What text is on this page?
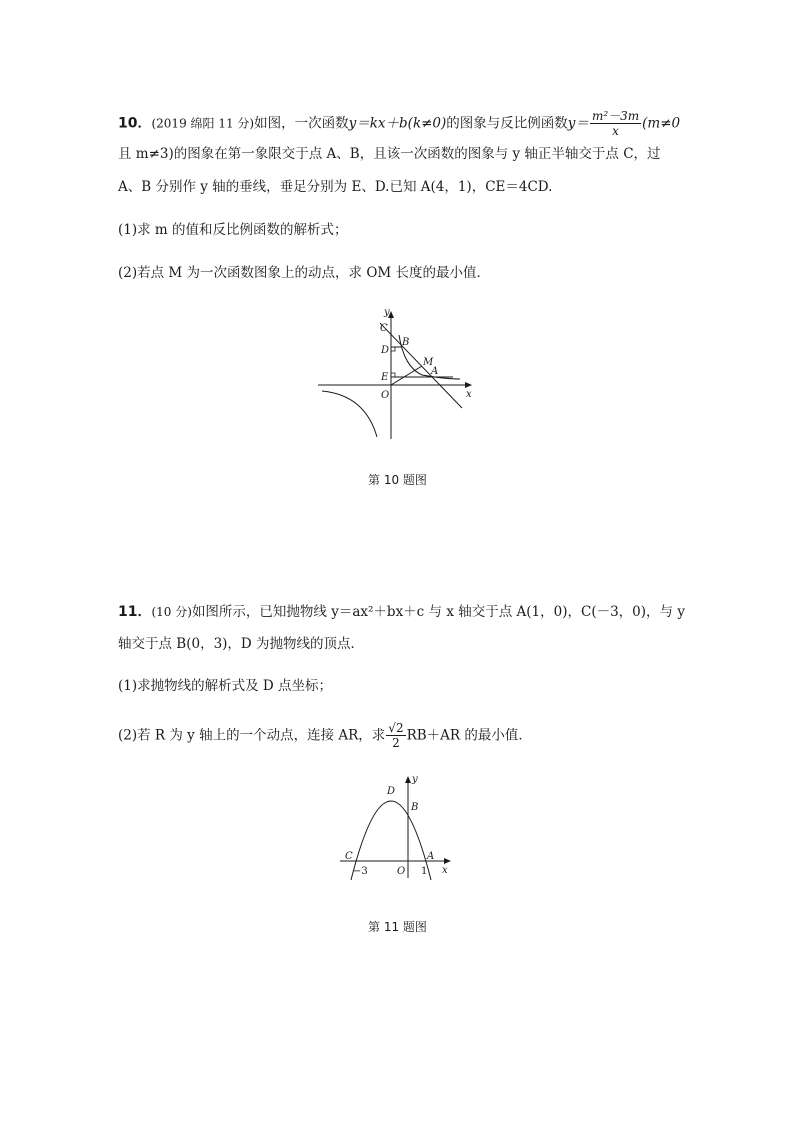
10．(2019 绵阳 11 分)如图，一次函数y＝kx＋b(k≠0)的图象与反比例函数$y= \frac{\text{m²－3m}}{x} (m\ne 0$
且 m≠3)的图象在第一象限交于点 A、B，且该一次函数的图象与 y 轴正半轴交于点 C，过
A、B 分别作 y 轴的垂线，垂足分别为 E、D.已知 A(4，1)，CE＝4CD.
(1)求 m 的值和反比例函数的解析式；
(2)若点 M 为一次函数图象上的动点，求 OM 长度的最小值．
y
C
B
D
M
A
E
O	x
第 10 题图
11．(10 分)如图所示，已知抛物线 y＝ax²＋bx＋c 与 x 轴交于点 A(1，0)，C(－3，0)，与 y
轴交于点 B(0，3)，D 为抛物线的顶点．
(1)求抛物线的解析式及 D 点坐标；
(2)若 R 为 y 轴上的一个动点，连接 AR，求 $\frac{√2}{2} RB+AR$ 的最小值．
y
D
B
C	A
−3	O 1 x
第 11 题图
